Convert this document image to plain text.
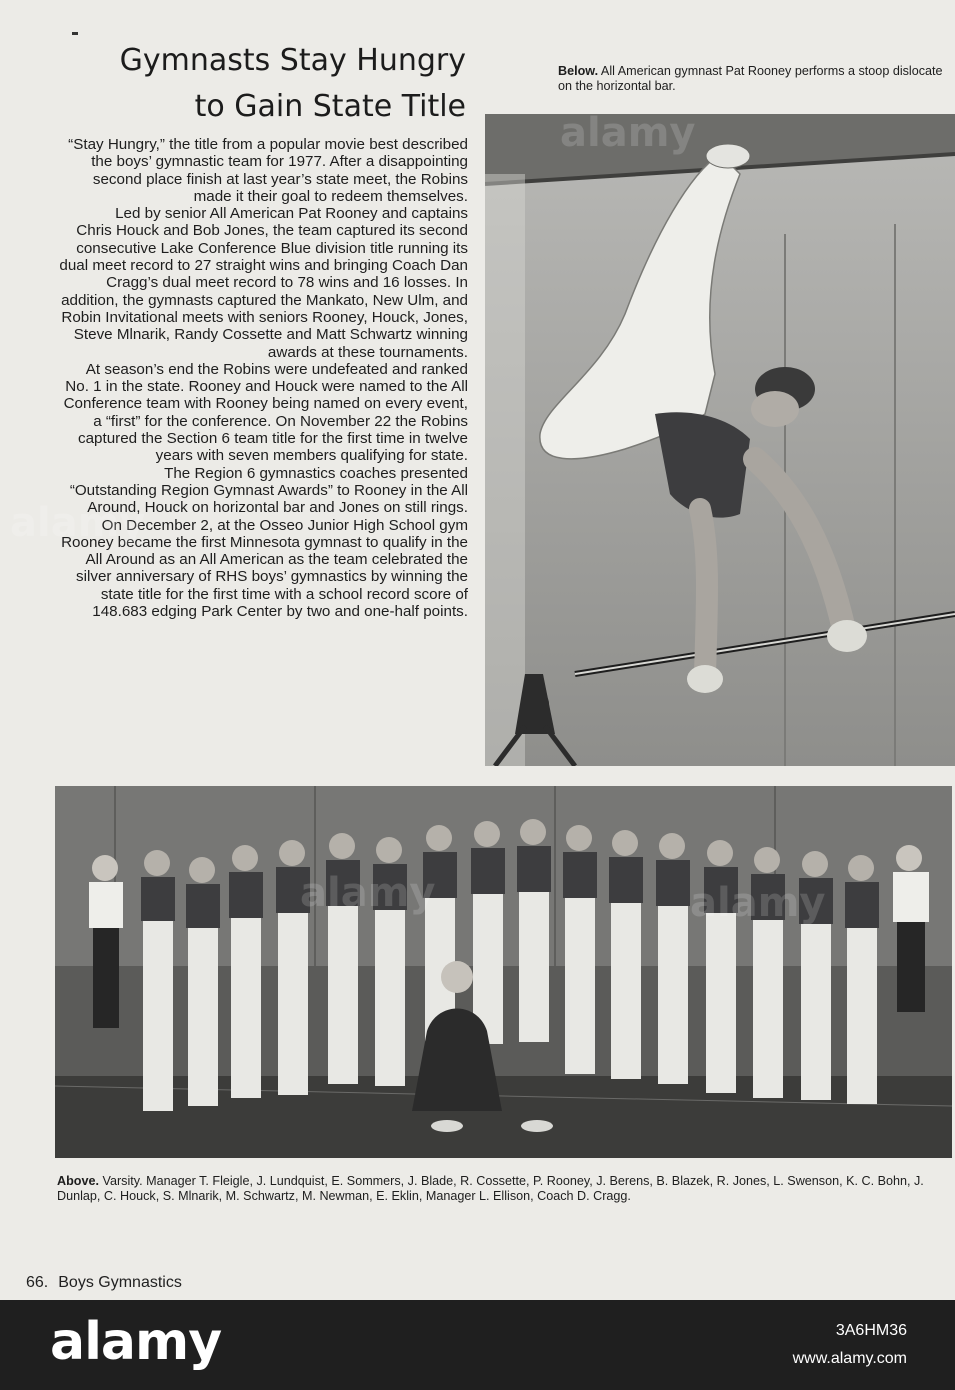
Gymnasts Stay Hungry
to Gain State Title

“Stay Hungry,” the title from a popular movie best described the boys’ gymnastic team for 1977. After a disappointing second place finish at last year’s state meet, the Robins made it their goal to redeem themselves.

Led by senior All American Pat Rooney and captains Chris Houck and Bob Jones, the team captured its second consecutive Lake Conference Blue division title running its dual meet record to 27 straight wins and bringing Coach Dan Cragg’s dual meet record to 78 wins and 16 losses. In addition, the gymnasts captured the Mankato, New Ulm, and Robin Invitational meets with seniors Rooney, Houck, Jones, Steve Mlnarik, Randy Cossette and Matt Schwartz winning awards at these tournaments.

At season’s end the Robins were undefeated and ranked No. 1 in the state. Rooney and Houck were named to the All Conference team with Rooney being named on every event, a “first” for the conference. On November 22 the Robins captured the Section 6 team title for the first time in twelve years with seven members qualifying for state.

The Region 6 gymnastics coaches presented “Outstanding Region Gymnast Awards” to Rooney in the All Around, Houck on horizontal bar and Jones on still rings.

On December 2, at the Osseo Junior High School gym Rooney became the first Minnesota gymnast to qualify in the All Around as an All American as the team celebrated the silver anniversary of RHS boys’ gymnastics by winning the state title for the first time with a school record score of 148.683 edging Park Center by two and one-half points.

Below. All American gymnast Pat Rooney performs a stoop dislocate on the horizontal bar.
Above. Varsity. Manager T. Fleigle, J. Lundquist, E. Sommers, J. Blade, R. Cossette, P. Rooney, J. Berens, B. Blazek, R. Jones, L. Swenson, K. C. Bohn, J. Dunlap, C. Houck, S. Mlnarik, M. Schwartz, M. Newman, E. Eklin, Manager L. Ellison, Coach D. Cragg.
66. Boys Gymnastics
alamy
alamy	3A6HM36
www.alamy.com
